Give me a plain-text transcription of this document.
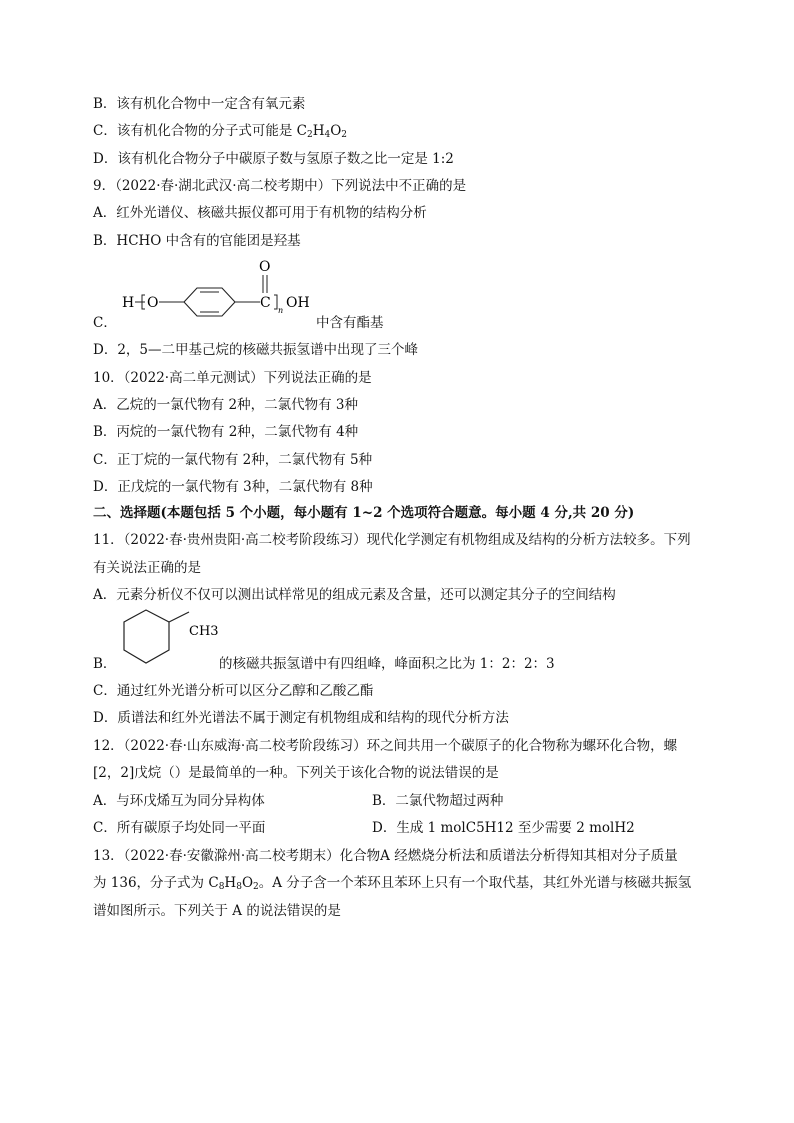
B．该有机化合物中一定含有氧元素
C．该有机化合物的分子式可能是 $C_2H_4O_2$
D．该有机化合物分子中碳原子数与氢原子数之比一定是 1:2
9．（2022·春·湖北武汉·高二校考期中）下列说法中不正确的是
A．红外光谱仪、核磁共振仪都可用于有机物的结构分析
B．HCHO 中含有的官能团是羟基
H O	C
O
n OH
C．	中含有酯基
D．2，5—二甲基己烷的核磁共振氢谱中出现了三个峰
10．（2022·高二单元测试）下列说法正确的是
A．乙烷的一氯代物有 2种，二氯代物有 3种
B．丙烷的一氯代物有 2种，二氯代物有 4种
C．正丁烷的一氯代物有 2种，二氯代物有 5种
D．正戊烷的一氯代物有 3种，二氯代物有 8种
二、选择题(本题包括 5 个小题，每小题有 1~2 个选项符合题意。每小题 4 分,共 20 分)
11．（2022·春·贵州贵阳·高二校考阶段练习）现代化学测定有机物组成及结构的分析方法较多。下列
有关说法正确的是
A．元素分析仪不仅可以测出试样常见的组成元素及含量，还可以测定其分子的空间结构
CH3
B．	的核磁共振氢谱中有四组峰，峰面积之比为 1：2：2：3
C．通过红外光谱分析可以区分乙醇和乙酸乙酯
D．质谱法和红外光谱法不属于测定有机物组成和结构的现代分析方法
12．（2022·春·山东威海·高二校考阶段练习）环之间共用一个碳原子的化合物称为螺环化合物，螺
[2，2]戊烷（）是最简单的一种。下列关于该化合物的说法错误的是
A．与环戊烯互为同分异构体	B．二氯代物超过两种
C．所有碳原子均处同一平面	D．生成 1 molC5H12 至少需要 2 molH2
13．（2022·春·安徽滁州·高二校考期末）化合物A 经燃烧分析法和质谱法分析得知其相对分子质量
为 136，分子式为 $C_8H_8O_2$。A 分子含一个苯环且苯环上只有一个取代基，其红外光谱与核磁共振氢
谱如图所示。下列关于 A 的说法错误的是
